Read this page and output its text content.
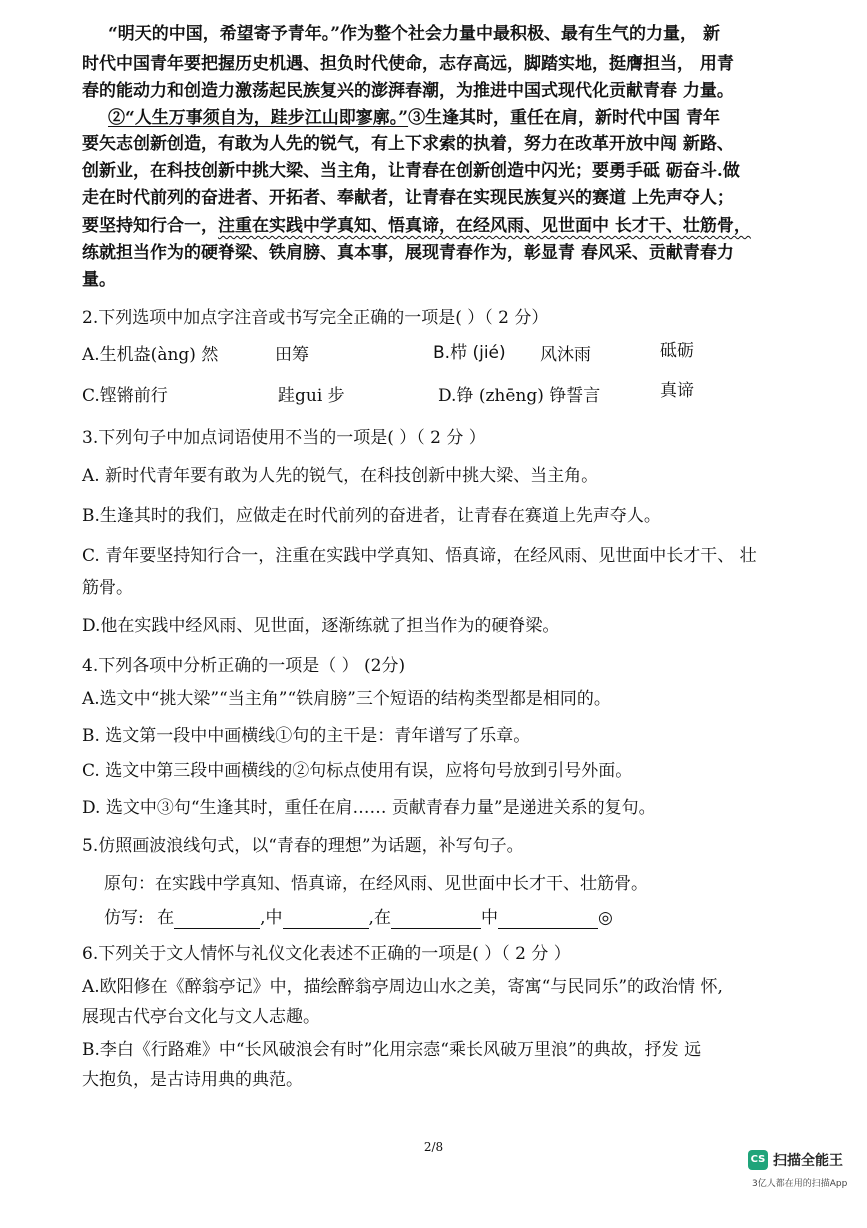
“明天的中国，希望寄予青年。”作为整个社会力量中最积极、最有生气的力量， 新
时代中国青年要把握历史机遇、担负时代使命，志存高远，脚踏实地，挺膺担当， 用青
春的能动力和创造力激荡起民族复兴的澎湃春潮，为推进中国式现代化贡献青春 力量。
②“人生万事须自为，跬步江山即寥廓。”③生逢其时，重任在肩，新时代中国 青年
要矢志创新创造，有敢为人先的锐气，有上下求索的执着，努力在改革开放中闯 新路、
创新业，在科技创新中挑大梁、当主角，让青春在创新创造中闪光；要勇手砥 砺奋斗.做
走在时代前列的奋进者、开拓者、奉献者，让青春在实现民族复兴的赛道 上先声夺人；
要坚持知行合一，注重在实践中学真知、悟真谛，在经风雨、见世面中 长才干、壮筋骨，
练就担当作为的硬脊梁、铁肩膀、真本事，展现青春作为，彰显青 春风采、贡献青春力
量。
2.下列选项中加点字注音或书写完全正确的一项是( ）（ 2 分）
A.生机盎(àng) 然	田筹	B.栉 (jié) 风沐雨	砥砺
C.铿锵前行	跬gui 步	D.铮 (zhēng) 铮誓言	真谛
3.下列句子中加点词语使用不当的一项是( ）（ 2 分 ）
A. 新时代青年要有敢为人先的锐气，在科技创新中挑大梁、当主角。
B.生逢其时的我们，应做走在时代前列的奋进者，让青春在赛道上先声夺人。
C. 青年要坚持知行合一，注重在实践中学真知、悟真谛，在经风雨、见世面中长才干、 壮
筋骨。
D.他在实践中经风雨、见世面，逐渐练就了担当作为的硬脊梁。
4.下列各项中分析正确的一项是（ ） (2分)
A.选文中“挑大梁”“当主角”“铁肩膀”三个短语的结构类型都是相同的。
B. 选文第一段中中画横线①句的主干是：青年谱写了乐章。
C. 选文中第三段中画横线的②句标点使用有误，应将句号放到引号外面。
D. 选文中③句“生逢其时，重任在肩…… 贡献青春力量”是递进关系的复句。
5.仿照画波浪线句式，以“青春的理想”为话题，补写句子。
原句：在实践中学真知、悟真谛，在经风雨、见世面中长才干、壮筋骨。
仿写: 在	,中	,在	中	◎
6.下列关于文人情怀与礼仪文化表述不正确的一项是( ）（ 2 分 ）
A.欧阳修在《醉翁亭记》中，描绘醉翁亭周边山水之美，寄寓“与民同乐”的政治情 怀,
展现古代亭台文化与文人志趣。
B.李白《行路难》中“长风破浪会有时”化用宗悫“乘长风破万里浪”的典故，抒发 远
大抱负，是古诗用典的典范。
2/8
CS 扫描全能王
3亿人都在用的扫描App
